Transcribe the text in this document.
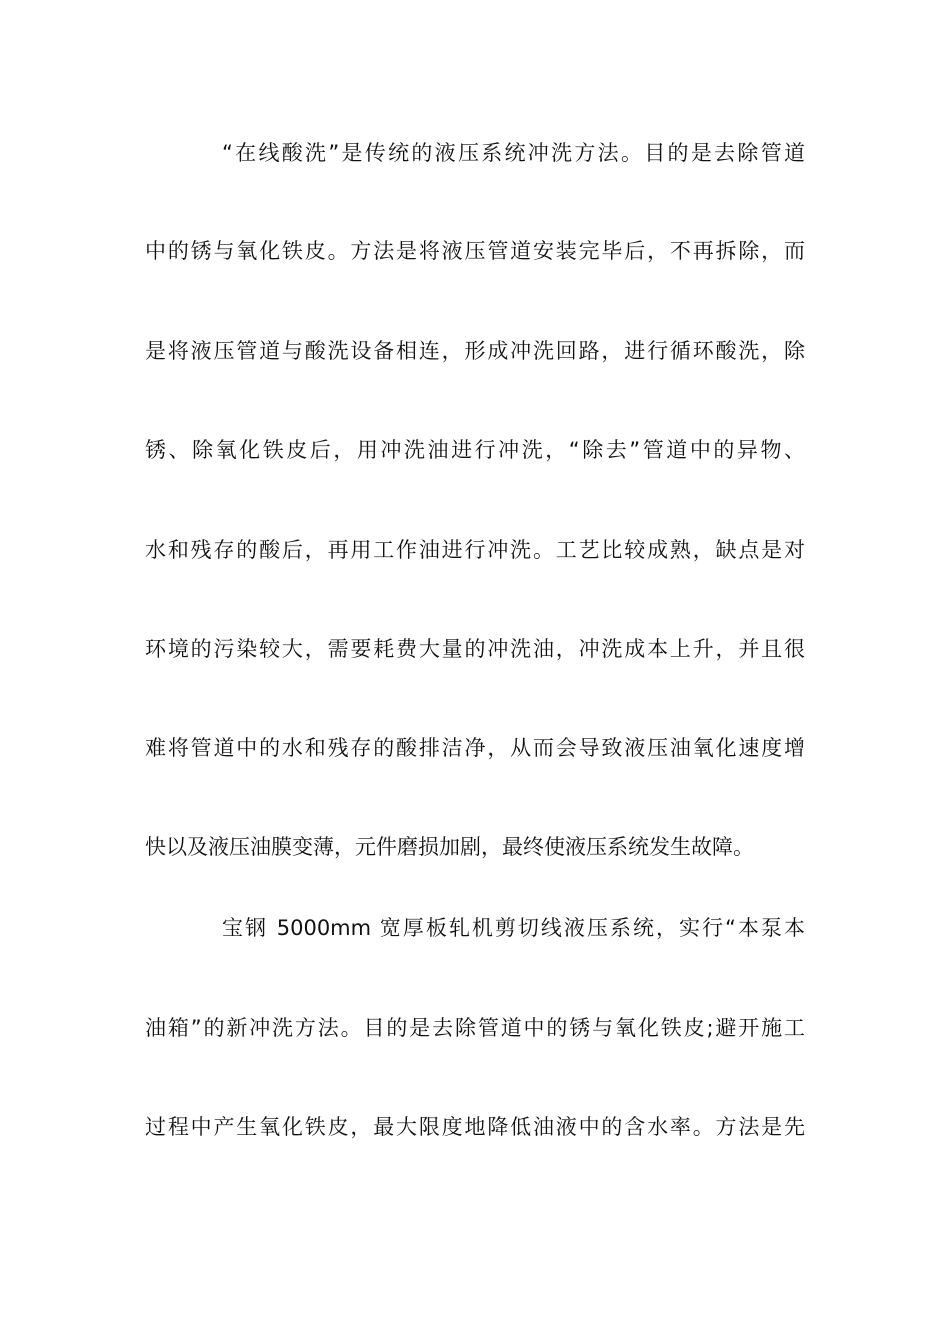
“在线酸洗”是传统的液压系统冲洗方法。目的是去除管道
中的锈与氧化铁皮。方法是将液压管道安装完毕后，不再拆除，而
是将液压管道与酸洗设备相连，形成冲洗回路，进行循环酸洗，除
锈、除氧化铁皮后，用冲洗油进行冲洗，“除去”管道中的异物、
水和残存的酸后，再用工作油进行冲洗。工艺比较成熟，缺点是对
环境的污染较大，需要耗费大量的冲洗油，冲洗成本上升，并且很
难将管道中的水和残存的酸排洁净，从而会导致液压油氧化速度增
快以及液压油膜变薄，元件磨损加剧，最终使液压系统发生故障。
宝钢 5000mm 宽厚板轧机剪切线液压系统，实行“本泵本
油箱”的新冲洗方法。目的是去除管道中的锈与氧化铁皮;避开施工
过程中产生氧化铁皮，最大限度地降低油液中的含水率。方法是先
